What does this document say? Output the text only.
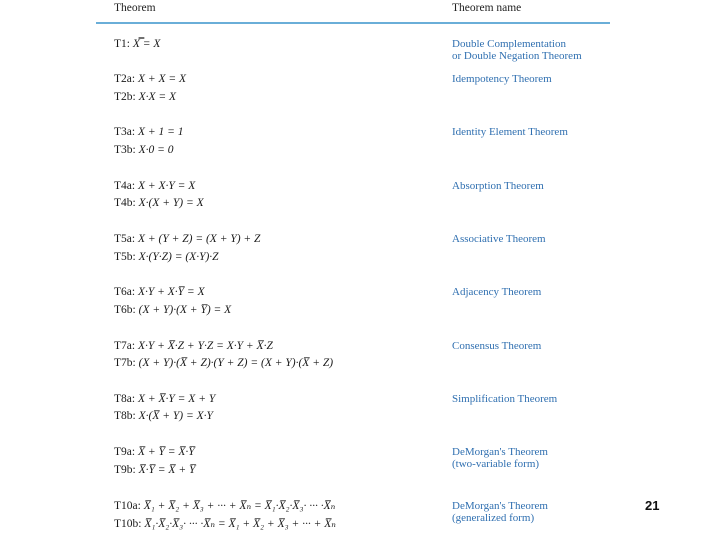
Theorem	Theorem name
T1: X̿ = X
T2a: X + X = X
T2b: X·X = X
T3a: X + 1 = 1
T3b: X·0 = 0
T4a: X + X·Y = X
T4b: X·(X + Y) = X
T5a: X + (Y + Z) = (X + Y) + Z
T5b: X·(Y·Z) = (X·Y)·Z
T6a: X·Y + X·Y̅ = X
T6b: (X + Y)·(X + Y̅) = X
T7a: X·Y + X̅·Z + Y·Z = X·Y + X̅·Z
T7b: (X + Y)·(X̅ + Z)·(Y + Z) = (X + Y)·(X̅ + Z)
T8a: X + X̅·Y = X + Y
T8b: X·(X̅ + Y) = X·Y
T9a: X̅ + Y̅ = X̅·Y̅
T9b: X̅·Y̅ = X̅ + Y̅
T10a: X̅₁ + X̅₂ + X̅₃ + ··· + X̅ₙ = X̅₁·X̅₂·X̅₃· ··· ·X̅ₙ
T10b: X̅₁·X̅₂·X̅₃· ··· ·X̅ₙ = X̅₁ + X̅₂ + X̅₃ + ··· + X̅ₙ
Double Complementation
or Double Negation Theorem
Idempotency Theorem
Identity Element Theorem
Absorption Theorem
Associative Theorem
Adjacency Theorem
Consensus Theorem
Simplification Theorem
DeMorgan's Theorem
(two-variable form)
DeMorgan's Theorem
(generalized form)
21
